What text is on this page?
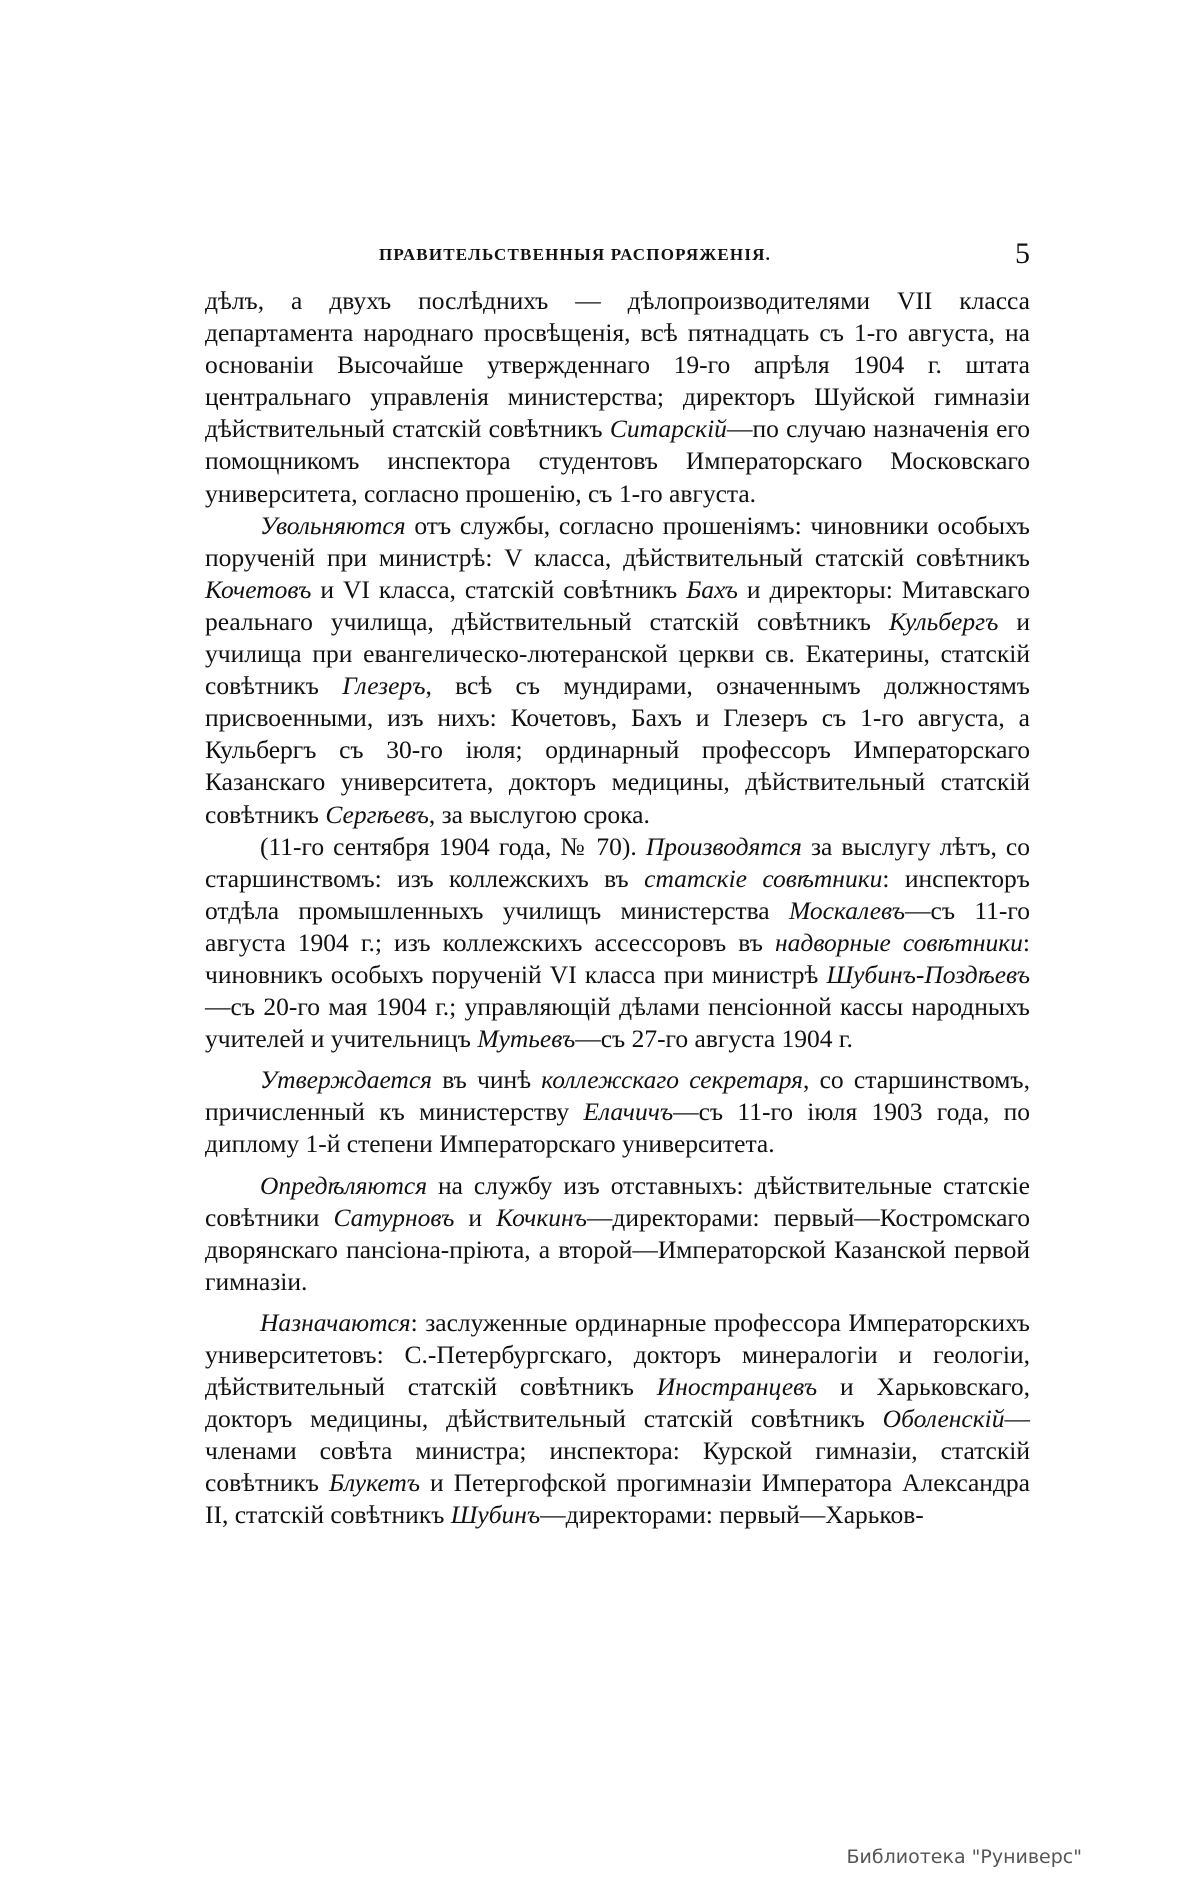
ПРАВИТЕЛЬСТВЕННЫЯ РАСПОРЯЖЕНІЯ.	5

дѣлъ, а двухъ послѣднихъ — дѣлопроизводителями VII класса департамента народнаго просвѣщенія, всѣ пятнадцать съ 1-го августа, на основаніи Высочайше утвержденнаго 19-го апрѣля 1904 г. штата центральнаго управленія министерства; директоръ Шуйской гимназіи дѣйствительный статскій совѣтникъ Ситарскій—по случаю назначенія его помощникомъ инспектора студентовъ Императорскаго Московскаго университета, согласно прошенію, съ 1-го августа.

Увольняются отъ службы, согласно прошеніямъ: чиновники особыхъ порученій при министрѣ: V класса, дѣйствительный статскій совѣтникъ Кочетовъ и VI класса, статскій совѣтникъ Бахъ и директоры: Митавскаго реальнаго училища, дѣйствительный статскій совѣтникъ Кульбергъ и училища при евангелическо-лютеранской церкви св. Екатерины, статскій совѣтникъ Глезеръ, всѣ съ мундирами, означеннымъ должностямъ присвоенными, изъ нихъ: Кочетовъ, Бахъ и Глезеръ съ 1-го августа, а Кульбергъ съ 30-го іюля; ординарный профессоръ Императорскаго Казанскаго университета, докторъ медицины, дѣйствительный статскій совѣтникъ Сергѣевъ, за выслугою срока.

(11-го сентября 1904 года, № 70). Производятся за выслугу лѣтъ, со старшинствомъ: изъ коллежскихъ въ статскіе совѣтники: инспекторъ отдѣла промышленныхъ училищъ министерства Москалевъ—съ 11-го августа 1904 г.; изъ коллежскихъ ассессоровъ въ надворные совѣтники: чиновникъ особыхъ порученій VI класса при министрѣ Шубинъ-Поздѣевъ—съ 20-го мая 1904 г.; управляющій дѣлами пенсіонной кассы народныхъ учителей и учительницъ Мутьевъ—съ 27-го августа 1904 г.

Утверждается въ чинѣ коллежскаго секретаря, со старшинствомъ, причисленный къ министерству Елачичъ—съ 11-го іюля 1903 года, по диплому 1-й степени Императорскаго университета.

Опредѣляются на службу изъ отставныхъ: дѣйствительные статскіе совѣтники Сатурновъ и Кочкинъ—директорами: первый—Костромскаго дворянскаго пансіона-пріюта, а второй—Императорской Казанской первой гимназіи.

Назначаются: заслуженные ординарные профессора Императорскихъ университетовъ: С.-Петербургскаго, докторъ минералогіи и геологіи, дѣйствительный статскій совѣтникъ Иностранцевъ и Харьковскаго, докторъ медицины, дѣйствительный статскій совѣтникъ Оболенскій—членами совѣта министра; инспектора: Курской гимназіи, статскій совѣтникъ Блукетъ и Петергофской прогимназіи Императора Александра II, статскій совѣтникъ Шубинъ—директорами: первый—Харьков-

Библиотека "Руниверс"
